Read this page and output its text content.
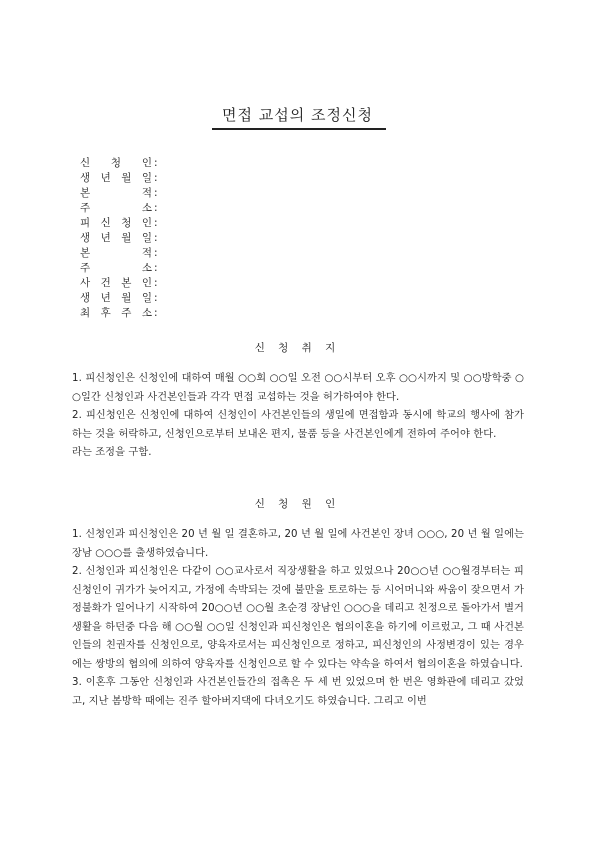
면접 교섭의 조정신청
신 청 인 :
생 년 월 일 :
본	적 :
주	소 :
피 신 청 인 :
생 년 월 일 :
본	적 :
주	소 :
사 건 본 인 :
생 년 월 일 :
최 후 주 소 :
신 청 취 지

1. 피신청인은 신청인에 대하여 매월 ○○회 ○○일 오전 ○○시부터 오후 ○○시까지 및 ○○방학중 ○○일간 신청인과 사건본인들과 각각 면접 교섭하는 것을 허가하여야 한다.

2. 피신청인은 신청인에 대하여 신청인이 사건본인들의 생일에 면접함과 동시에 학교의 행사에 참가하는 것을 허락하고, 신청인으로부터 보내온 편지, 물품 등을 사건본인에게 전하여 주어야 한다.

라는 조정을 구함.

신 청 원 인

1. 신청인과 피신청인은 20 년 월 일 결혼하고, 20 년 월 일에 사건본인 장녀 ○○○, 20 년 월 일에는 장남 ○○○를 출생하였습니다.

2. 신청인과 피신청인은 다같이 ○○교사로서 직장생활을 하고 있었으나 20○○년 ○○월경부터는 피신청인이 귀가가 늦어지고, 가정에 속박되는 것에 불만을 토로하는 등 시어머니와 싸움이 잦으면서 가정불화가 일어나기 시작하여 20○○년 ○○월 초순경 장남인 ○○○을 데리고 친정으로 돌아가서 별거생활을 하던중 다음 해 ○○월 ○○일 신청인과 피신청인은 협의이혼을 하기에 이르렀고, 그 때 사건본인들의 친권자를 신청인으로, 양육자로서는 피신청인으로 정하고, 피신청인의 사정변경이 있는 경우에는 쌍방의 협의에 의하여 양육자를 신청인으로 할 수 있다는 약속을 하여서 협의이혼을 하였습니다.

3. 이혼후 그동안 신청인과 사건본인들간의 접촉은 두 세 번 있었으며 한 번은 영화관에 데리고 갔었고, 지난 봄방학 때에는 진주 할아버지댁에 다녀오기도 하였습니다. 그리고 이번
